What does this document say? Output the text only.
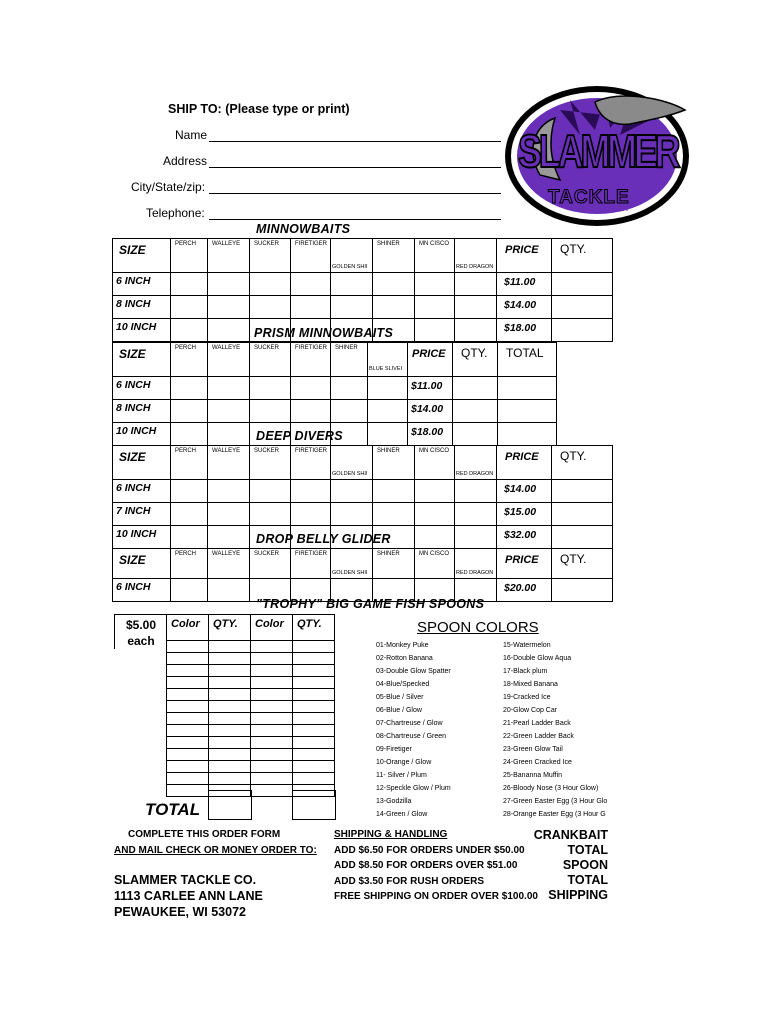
SHIP TO: (Please type or print)
Name
Address
City/State/zip:
Telephone:
SLAMMER
TACKLE
COMPANY
MINNOWBAITS
SIZE	PERCH	WALLEYE	SUCKER	FIRETIGER	GOLDEN SHII	SHINER	MN CISCO	RED DRAGON	PRICE	QTY.
6 INCH									$11.00	
8 INCH									$14.00	
10 INCH									$18.00	
PRISM MINNOWBAITS
SIZE	PERCH	WALLEYE	SUCKER	FIRETIGER	SHINER	BLUE SLIVEI	PRICE	QTY.	TOTAL
6 INCH							$11.00		
8 INCH							$14.00		
10 INCH							$18.00		
DEEP DIVERS
SIZE	PERCH	WALLEYE	SUCKER	FIRETIGER	GOLDEN SHII	SHINER	MN CISCO	RED DRAGON	PRICE	QTY.
6 INCH									$14.00	
7 INCH									$15.00	
10 INCH									$32.00	
DROP BELLY GLIDER
SIZE	PERCH	WALLEYE	SUCKER	FIRETIGER	GOLDEN SHII	SHINER	MN CISCO	RED DRAGON	PRICE	QTY.
6 INCH									$20.00	
"TROPHY" BIG GAME FISH SPOONS
$5.00
each
Color	QTY.	Color	QTY.

TOTAL
SPOON COLORS
01-Monkey Puke
02-Rotton Banana
03-Double Glow Spatter
04-Blue/Specked
05-Blue / Silver
06-Blue / Glow
07-Chartreuse / Glow
08-Chartreuse / Green
09-Firetiger
10-Orange / Glow
11- Silver / Plum
12-Speckle Glow / Plum
13-Godzilla
14-Green / Glow
15-Watermelon
16-Double Glow Aqua
17-Black plum
18-Mixed Banana
19-Cracked Ice
20-Glow Cop Car
21-Pearl Ladder Back
22-Green Ladder Back
23-Green Glow Tail
24-Green Cracked Ice
25-Bananna Muffin
26-Bloody Nose (3 Hour Glow)
27-Green Easter Egg (3 Hour Glo
28-Orange Easter Egg (3 Hour G
COMPLETE THIS ORDER FORM
AND MAIL CHECK OR MONEY ORDER TO:
SLAMMER TACKLE CO.
1113 CARLEE ANN LANE
PEWAUKEE, WI 53072
SHIPPING & HANDLING
ADD $6.50 FOR ORDERS UNDER $50.00
ADD $8.50 FOR ORDERS OVER $51.00
ADD $3.50 FOR RUSH ORDERS
FREE SHIPPING ON ORDER OVER $100.00
CRANKBAIT
TOTAL
SPOON
TOTAL
SHIPPING
